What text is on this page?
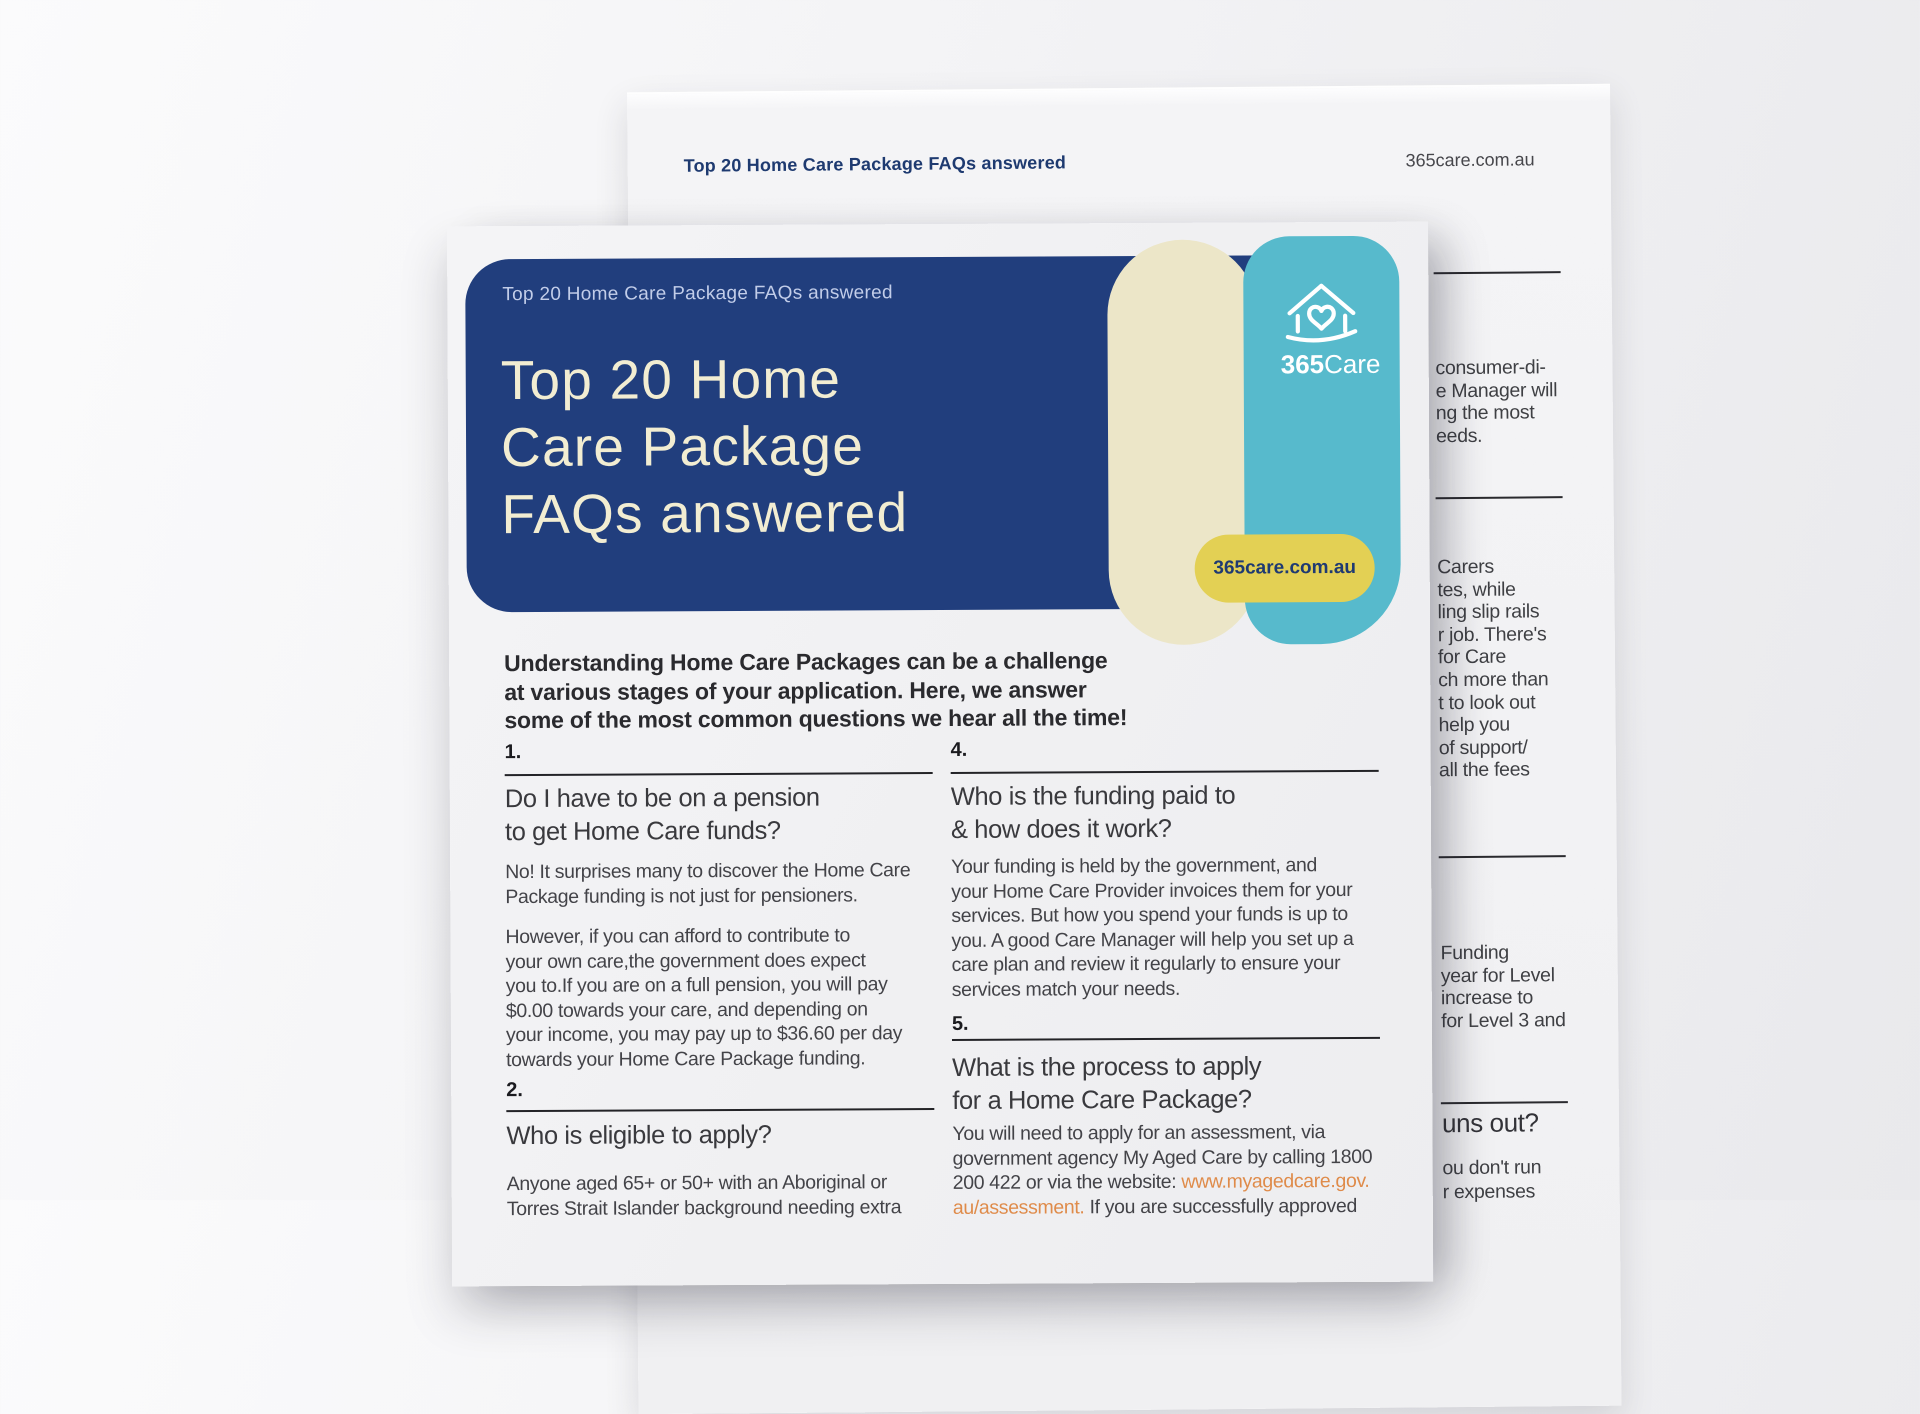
Top 20 Home Care Package FAQs answered	365care.com.au
consumer-di-
e Manager will
ng the most
eeds.
Carers
tes, while
ling slip rails
r job. There's
for Care
ch more than
t to look out
help you
of support/
all the fees
Funding
year for Level
increase to
for Level 3 and
uns out?
ou don't run
r expenses
365Care
365care.com.au
Top 20 Home Care Package FAQs answered
Top 20 Home
Care Package
FAQs answered
Understanding Home Care Packages can be a challenge
at various stages of your application. Here, we answer
some of the most common questions we hear all the time!
1.
Do I have to be on a pension
to get Home Care funds?
No! It surprises many to discover the Home Care
Package funding is not just for pensioners.
However, if you can afford to contribute to
your own care,the government does expect
you to.If you are on a full pension, you will pay
$0.00 towards your care, and depending on
your income, you may pay up to $36.60 per day
towards your Home Care Package funding.
2.
Who is eligible to apply?
Anyone aged 65+ or 50+ with an Aboriginal or
Torres Strait Islander background needing extra
4.
Who is the funding paid to
& how does it work?
Your funding is held by the government, and
your Home Care Provider invoices them for your
services. But how you spend your funds is up to
you. A good Care Manager will help you set up a
care plan and review it regularly to ensure your
services match your needs.
5.
What is the process to apply
for a Home Care Package?
You will need to apply for an assessment, via
government agency My Aged Care by calling 1800
200 422 or via the website: www.myagedcare.gov.
au/assessment. If you are successfully approved
